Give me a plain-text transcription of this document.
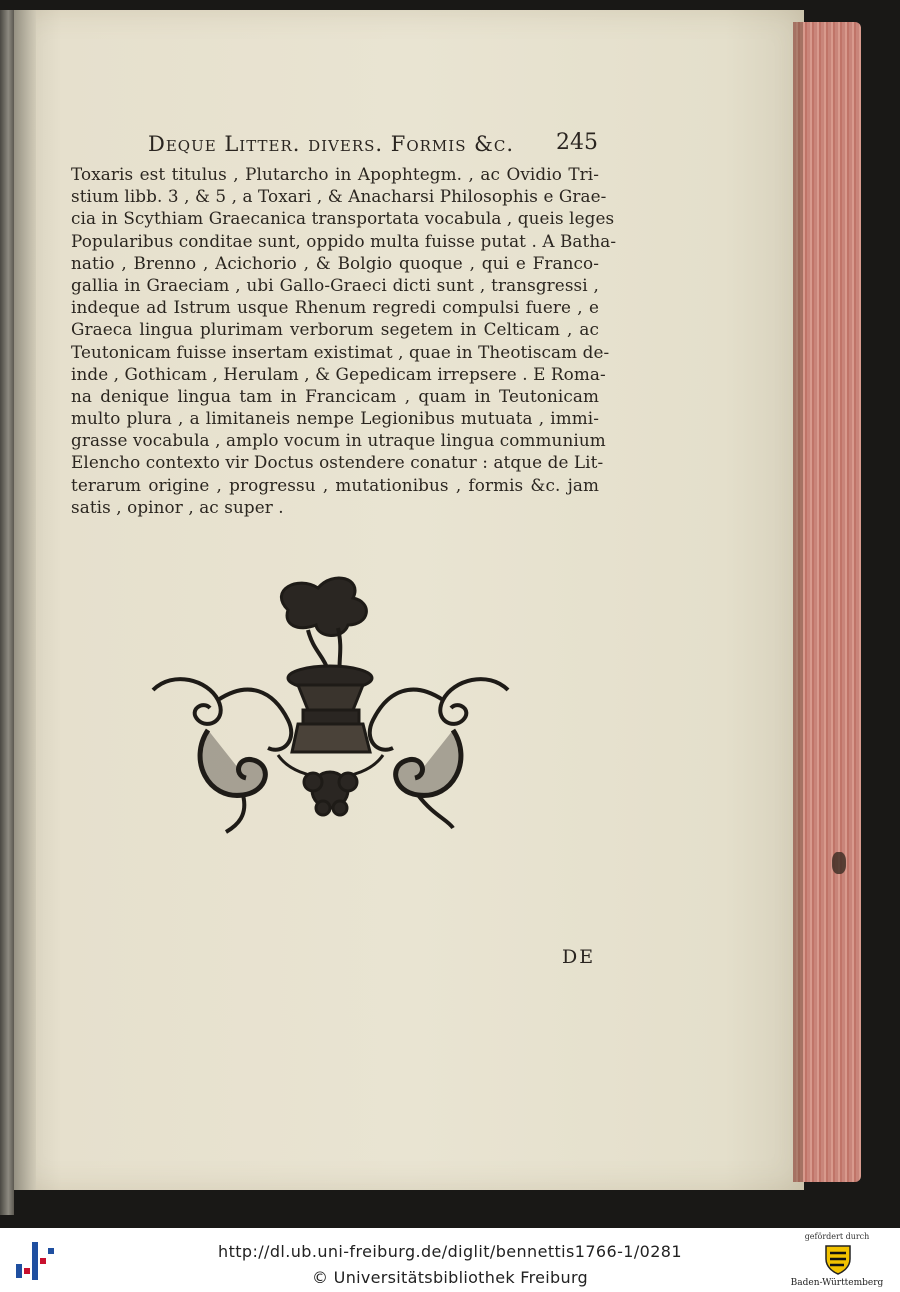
Deque Litter. divers. Formis &c. 245
Toxaris est titulus , Plutarcho in Apophtegm. , ac Ovidio Tri-
stium libb. 3 , & 5 , a Toxari , & Anacharsi Philosophis e Grae-
cia in Scythiam Graecanica transportata vocabula , queis leges
Popularibus conditae sunt, oppido multa fuisse putat . A Batha-
natio , Brenno , Acichorio , & Bolgio quoque , qui e Franco-
gallia in Graeciam , ubi Gallo-Graeci dicti sunt , transgressi ,
indeque ad Istrum usque Rhenum regredi compulsi fuere , e
Graeca lingua plurimam verborum segetem in Celticam , ac
Teutonicam fuisse insertam existimat , quae in Theotiscam de-
inde , Gothicam , Herulam , & Gepedicam irrepsere . E Roma-
na denique lingua tam in Francicam , quam in Teutonicam
multo plura , a limitaneis nempe Legionibus mutuata , immi-
grasse vocabula , amplo vocum in utraque lingua communium
Elencho contexto vir Doctus ostendere conatur : atque de Lit-
terarum origine , progressu , mutationibus , formis &c. jam
satis , opinor , ac super .
DE
http://dl.ub.uni-freiburg.de/diglit/bennettis1766-1/0281
© Universitätsbibliothek Freiburg
gefördert durch
Baden-Württemberg
